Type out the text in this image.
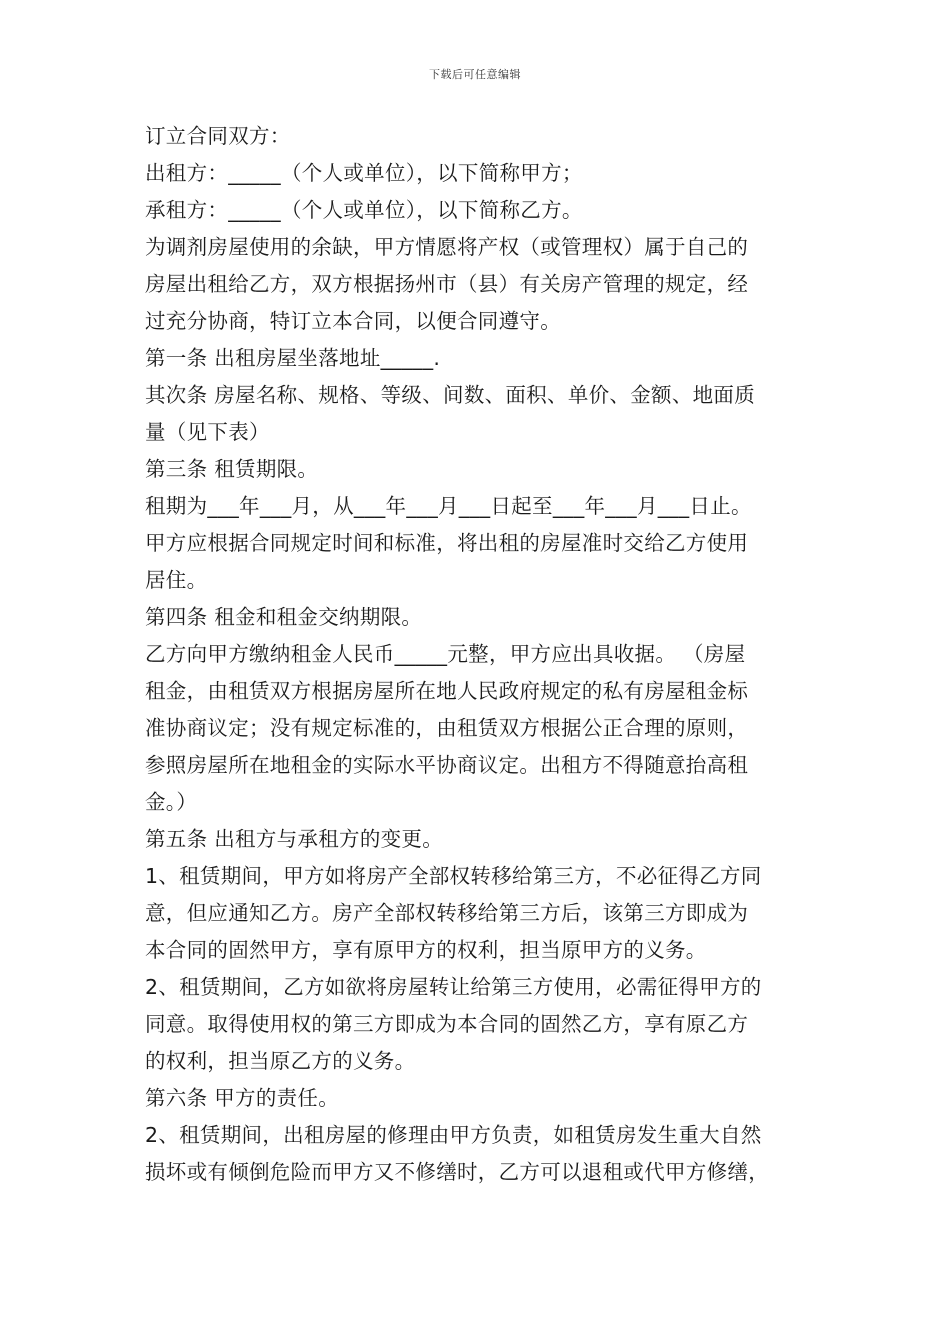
下载后可任意编辑
订立合同双方：
出租方：_____（个人或单位），以下简称甲方；
承租方：_____（个人或单位），以下简称乙方。
为调剂房屋使用的余缺，甲方情愿将产权（或管理权）属于自己的
房屋出租给乙方，双方根据扬州市（县）有关房产管理的规定，经
过充分协商，特订立本合同，以便合同遵守。
第一条 出租房屋坐落地址_____.
其次条 房屋名称、规格、等级、间数、面积、单价、金额、地面质
量（见下表）
第三条 租赁期限。
租期为___年___月，从___年___月___日起至___年___月___日止。
甲方应根据合同规定时间和标准，将出租的房屋准时交给乙方使用
居住。
第四条 租金和租金交纳期限。
乙方向甲方缴纳租金人民币_____元整，甲方应出具收据。 （房屋
租金，由租赁双方根据房屋所在地人民政府规定的私有房屋租金标
准协商议定；没有规定标准的，由租赁双方根据公正合理的原则，
参照房屋所在地租金的实际水平协商议定。出租方不得随意抬高租
金。）
第五条 出租方与承租方的变更。
1、租赁期间，甲方如将房产全部权转移给第三方，不必征得乙方同
意，但应通知乙方。房产全部权转移给第三方后，该第三方即成为
本合同的固然甲方，享有原甲方的权利，担当原甲方的义务。
2、租赁期间，乙方如欲将房屋转让给第三方使用，必需征得甲方的
同意。取得使用权的第三方即成为本合同的固然乙方，享有原乙方
的权利，担当原乙方的义务。
第六条 甲方的责任。
2、租赁期间，出租房屋的修理由甲方负责，如租赁房发生重大自然
损坏或有倾倒危险而甲方又不修缮时，乙方可以退租或代甲方修缮，
